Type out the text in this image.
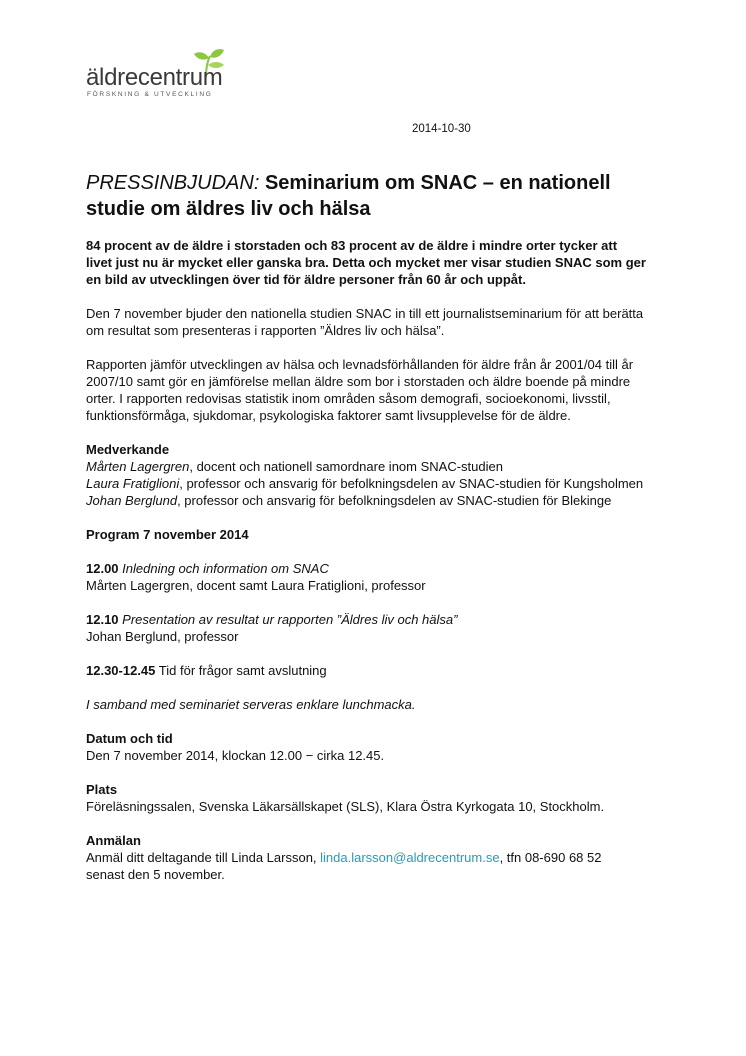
äldrecentrum
FÖRSKNING & UTVECKLING
2014-10-30
PRESSINBJUDAN: Seminarium om SNAC – en nationell studie om äldres liv och hälsa

84 procent av de äldre i storstaden och 83 procent av de äldre i mindre orter tycker att livet just nu är mycket eller ganska bra. Detta och mycket mer visar studien SNAC som ger en bild av utvecklingen över tid för äldre personer från 60 år och uppåt.

Den 7 november bjuder den nationella studien SNAC in till ett journalistseminarium för att berätta om resultat som presenteras i rapporten ”Äldres liv och hälsa”.

Rapporten jämför utvecklingen av hälsa och levnadsförhållanden för äldre från år 2001/04 till år 2007/10 samt gör en jämförelse mellan äldre som bor i storstaden och äldre boende på mindre orter. I rapporten redovisas statistik inom områden såsom demografi, socioekonomi, livsstil, funktionsförmåga, sjukdomar, psykologiska faktorer samt livsupplevelse för de äldre.

Medverkande
Mårten Lagergren, docent och nationell samordnare inom SNAC-studien
Laura Fratiglioni, professor och ansvarig för befolkningsdelen av SNAC-studien för Kungsholmen
Johan Berglund, professor och ansvarig för befolkningsdelen av SNAC-studien för Blekinge

Program 7 november 2014

12.00 Inledning och information om SNAC
Mårten Lagergren, docent samt Laura Fratiglioni, professor

12.10 Presentation av resultat ur rapporten ”Äldres liv och hälsa”
Johan Berglund, professor

12.30-12.45 Tid för frågor samt avslutning

I samband med seminariet serveras enklare lunchmacka.

Datum och tid
Den 7 november 2014, klockan 12.00 − cirka 12.45.

Plats
Föreläsningssalen, Svenska Läkarsällskapet (SLS), Klara Östra Kyrkogata 10, Stockholm.

Anmälan
Anmäl ditt deltagande till Linda Larsson, linda.larsson@aldrecentrum.se, tfn 08-690 68 52
senast den 5 november.
